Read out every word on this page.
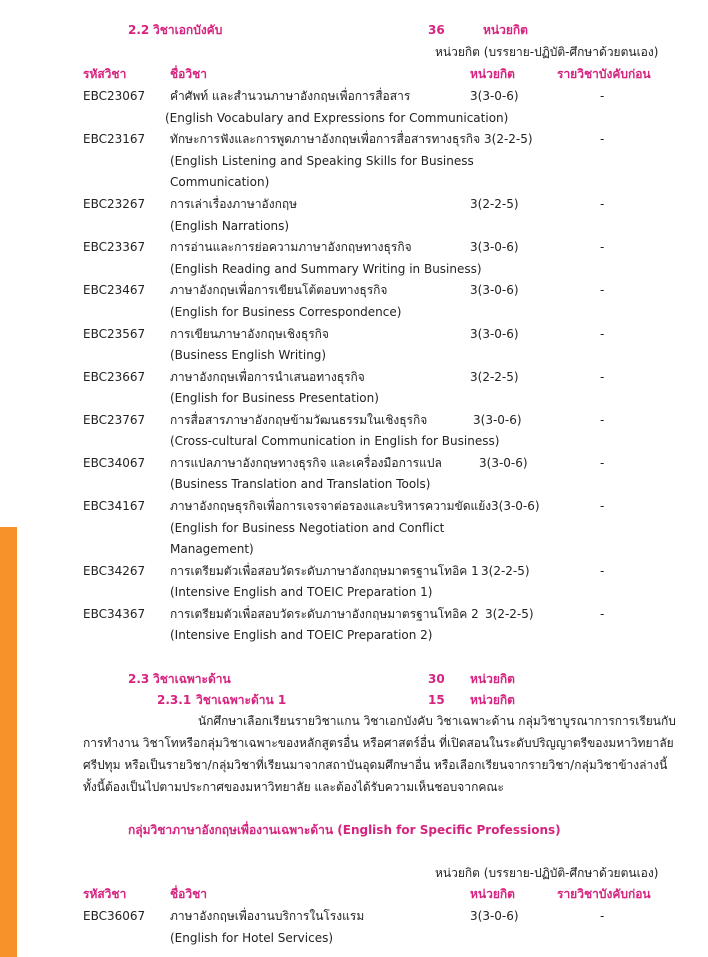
2.2 วิชาเอกบังคับ	36	หน่วยกิต
หน่วยกิต (บรรยาย-ปฏิบัติ-ศึกษาด้วยตนเอง)
รหัสวิชา	ชื่อวิชา	หน่วยกิต	รายวิชาบังคับก่อน
EBC23067 คำศัพท์ และสำนวนภาษาอังกฤษเพื่อการสื่อสาร	3(3-0-6)	-
(English Vocabulary and Expressions for Communication)
EBC23167 ทักษะการฟังและการพูดภาษาอังกฤษเพื่อการสื่อสารทางธุรกิจ 3(2-2-5)	-
(English Listening and Speaking Skills for Business
Communication)
EBC23267 การเล่าเรื่องภาษาอังกฤษ	3(2-2-5)	-
(English Narrations)
EBC23367 การอ่านและการย่อความภาษาอังกฤษทางธุรกิจ	3(3-0-6)	-
(English Reading and Summary Writing in Business)
EBC23467 ภาษาอังกฤษเพื่อการเขียนโต้ตอบทางธุรกิจ	3(3-0-6)	-
(English for Business Correspondence)
EBC23567 การเขียนภาษาอังกฤษเชิงธุรกิจ	3(3-0-6)	-
(Business English Writing)
EBC23667 ภาษาอังกฤษเพื่อการนำเสนอทางธุรกิจ	3(2-2-5)	-
(English for Business Presentation)
EBC23767 การสื่อสารภาษาอังกฤษข้ามวัฒนธรรมในเชิงธุรกิจ	3(3-0-6)	-
(Cross-cultural Communication in English for Business)
EBC34067 การแปลภาษาอังกฤษทางธุรกิจ และเครื่องมือการแปล	3(3-0-6)	-
(Business Translation and Translation Tools)
EBC34167 ภาษาอังกฤษธุรกิจเพื่อการเจรจาต่อรองและบริหารความขัดแย้ง 3(3-0-6)	-
(English for Business Negotiation and Conflict
Management)
EBC34267 การเตรียมตัวเพื่อสอบวัดระดับภาษาอังกฤษมาตรฐานโทอิค 1 3(2-2-5)	-
(Intensive English and TOEIC Preparation 1)
EBC34367 การเตรียมตัวเพื่อสอบวัดระดับภาษาอังกฤษมาตรฐานโทอิค 2 3(2-2-5)	-
(Intensive English and TOEIC Preparation 2)
2.3 วิชาเฉพาะด้าน	30 หน่วยกิต
2.3.1 วิชาเฉพาะด้าน 1	15 หน่วยกิต
นักศึกษาเลือกเรียนรายวิชาแกน วิชาเอกบังคับ วิชาเฉพาะด้าน กลุ่มวิชาบูรณาการการเรียนกับ
การทำงาน วิชาโทหรือกลุ่มวิชาเฉพาะของหลักสูตรอื่น หรือศาสตร์อื่น ที่เปิดสอนในระดับปริญญาตรีของมหาวิทยาลัย
ศรีปทุม หรือเป็นรายวิชา/กลุ่มวิชาที่เรียนมาจากสถาบันอุดมศึกษาอื่น หรือเลือกเรียนจากรายวิชา/กลุ่มวิชาข้างล่างนี้
ทั้งนี้ต้องเป็นไปตามประกาศของมหาวิทยาลัย และต้องได้รับความเห็นชอบจากคณะ
กลุ่มวิชาภาษาอังกฤษเพื่องานเฉพาะด้าน (English for Specific Professions)
หน่วยกิต (บรรยาย-ปฏิบัติ-ศึกษาด้วยตนเอง)
รหัสวิชา	ชื่อวิชา	หน่วยกิต	รายวิชาบังคับก่อน
EBC36067 ภาษาอังกฤษเพื่องานบริการในโรงแรม	3(3-0-6)	-
(English for Hotel Services)
